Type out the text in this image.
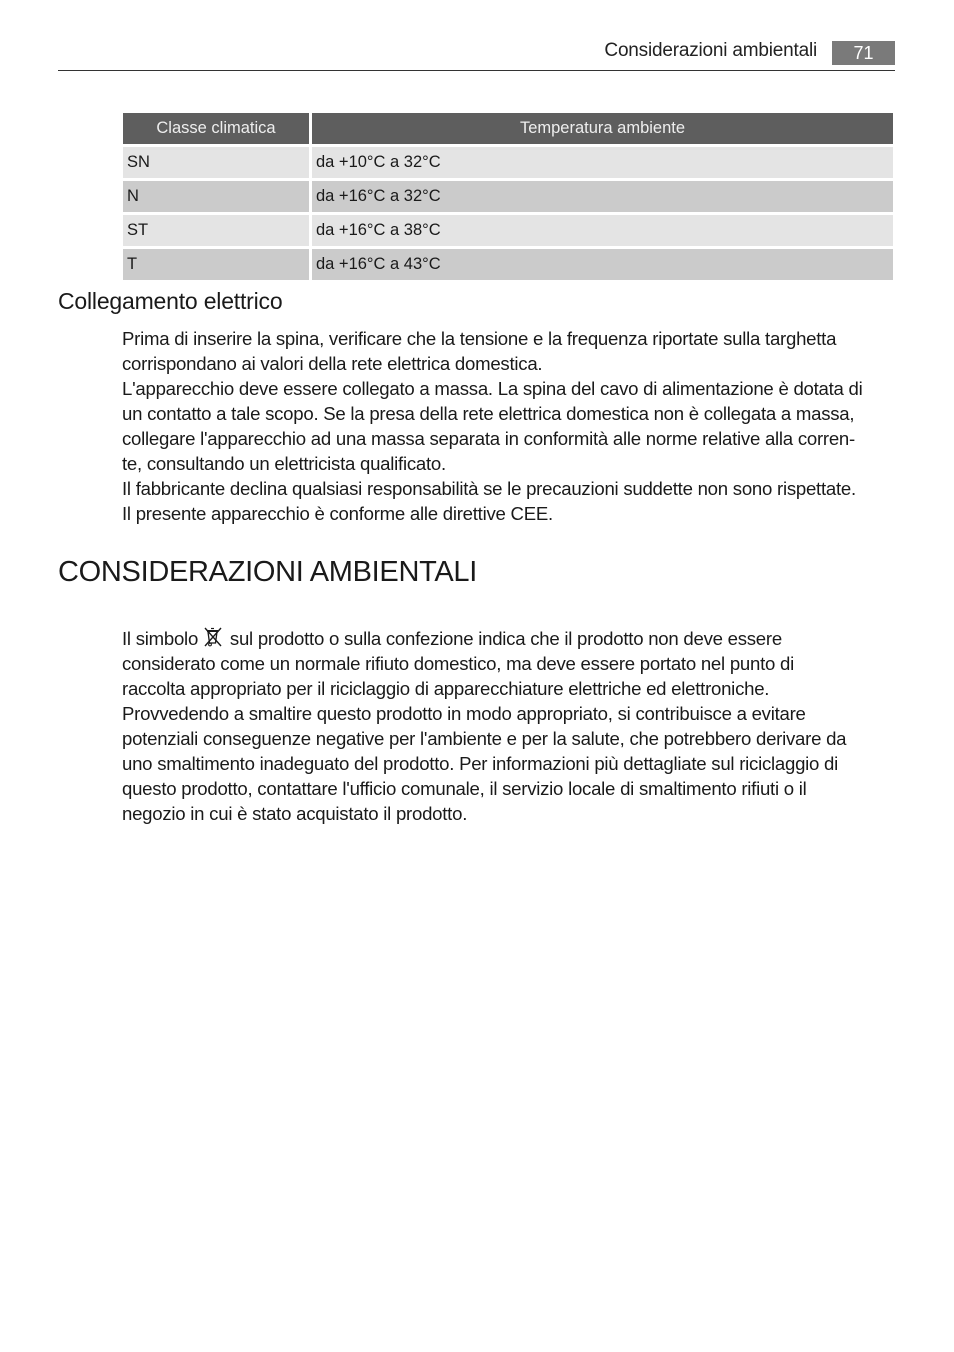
Considerazioni ambientali	71
Classe climatica	Temperatura ambiente
SN	da +10°C a 32°C
N	da +16°C a 32°C
ST	da +16°C a 38°C
T	da +16°C a 43°C
Collegamento elettrico

Prima di inserire la spina, verificare che la tensione e la frequenza riportate sulla targhetta

corrispondano ai valori della rete elettrica domestica.

L'apparecchio deve essere collegato a massa. La spina del cavo di alimentazione è dotata di

un contatto a tale scopo. Se la presa della rete elettrica domestica non è collegata a massa,

collegare l'apparecchio ad una massa separata in conformità alle norme relative alla corren-

te, consultando un elettricista qualificato.

Il fabbricante declina qualsiasi responsabilità se le precauzioni suddette non sono rispettate.

Il presente apparecchio è conforme alle direttive CEE.

CONSIDERAZIONI AMBIENTALI

Il simbolo sul prodotto o sulla confezione indica che il prodotto non deve essere

considerato come un normale rifiuto domestico, ma deve essere portato nel punto di

raccolta appropriato per il riciclaggio di apparecchiature elettriche ed elettroniche.

Provvedendo a smaltire questo prodotto in modo appropriato, si contribuisce a evitare

potenziali conseguenze negative per l'ambiente e per la salute, che potrebbero derivare da

uno smaltimento inadeguato del prodotto. Per informazioni più dettagliate sul riciclaggio di

questo prodotto, contattare l'ufficio comunale, il servizio locale di smaltimento rifiuti o il

negozio in cui è stato acquistato il prodotto.
